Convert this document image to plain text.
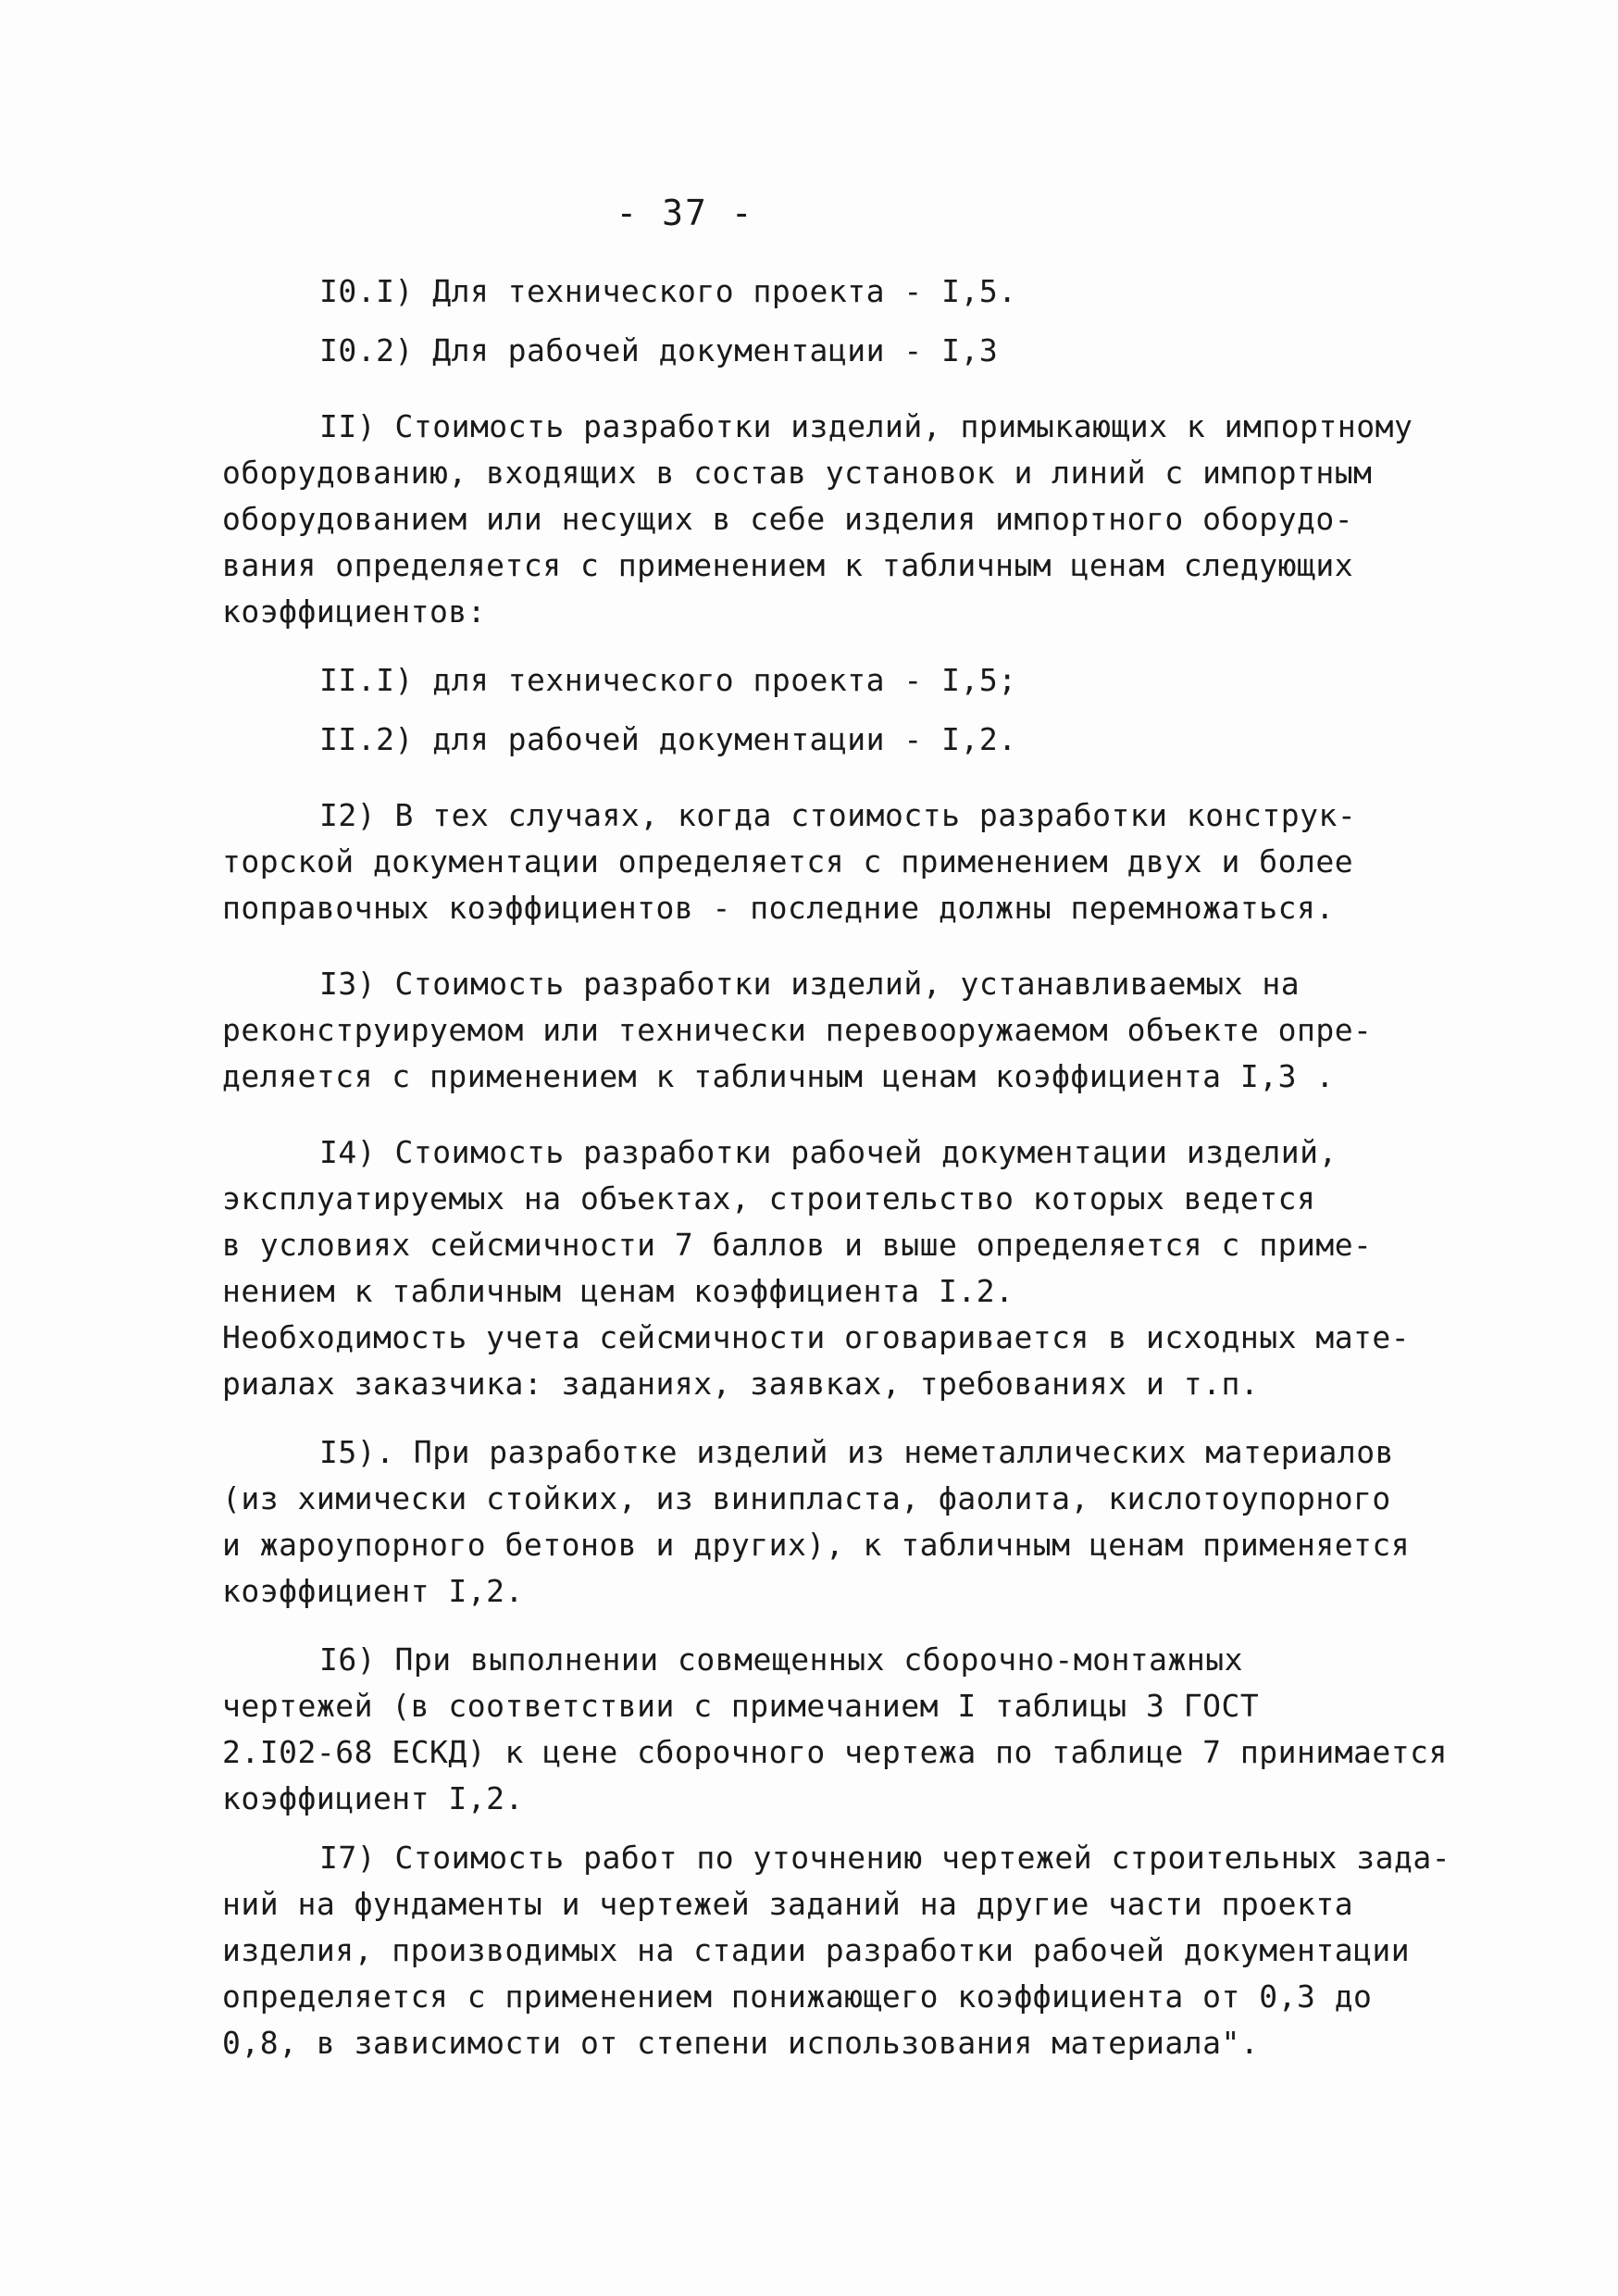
- 37 -
I0.I) Для технического проекта - I,5.
I0.2) Для рабочей документации - I,3
II) Стоимость разработки изделий, примыкающих к импортному
оборудованию, входящих в состав установок и линий с импортным
оборудованием или несущих в себе изделия импортного оборудо-
вания определяется с применением к табличным ценам следующих
коэффициентов:
II.I) для технического проекта - I,5;
II.2) для рабочей документации - I,2.
I2) В тех случаях, когда стоимость разработки конструк-
торской документации определяется с применением двух и более
поправочных коэффициентов - последние должны перемножаться.
I3) Стоимость разработки изделий, устанавливаемых на
реконструируемом или технически перевооружаемом объекте опре-
деляется с применением к табличным ценам коэффициента I,3 .
I4) Стоимость разработки рабочей документации изделий,
эксплуатируемых на объектах, строительство которых ведется
в условиях сейсмичности 7 баллов и выше определяется с приме-
нением к табличным ценам коэффициента I.2.
Необходимость учета сейсмичности оговаривается в исходных мате-
риалах заказчика: заданиях, заявках, требованиях и т.п.
I5). При разработке изделий из неметаллических материалов
(из химически стойких, из винипласта, фаолита, кислотоупорного
и жароупорного бетонов и других), к табличным ценам применяется
коэффициент I,2.
I6) При выполнении совмещенных сборочно-монтажных
чертежей (в соответствии с примечанием I таблицы 3 ГОСТ
2.I02-68 ЕСКД) к цене сборочного чертежа по таблице 7 принимается
коэффициент I,2.
I7) Стоимость работ по уточнению чертежей строительных зада-
ний на фундаменты и чертежей заданий на другие части проекта
изделия, производимых на стадии разработки рабочей документации
определяется с применением понижающего коэффициента от 0,3 до
0,8, в зависимости от степени использования материала".
